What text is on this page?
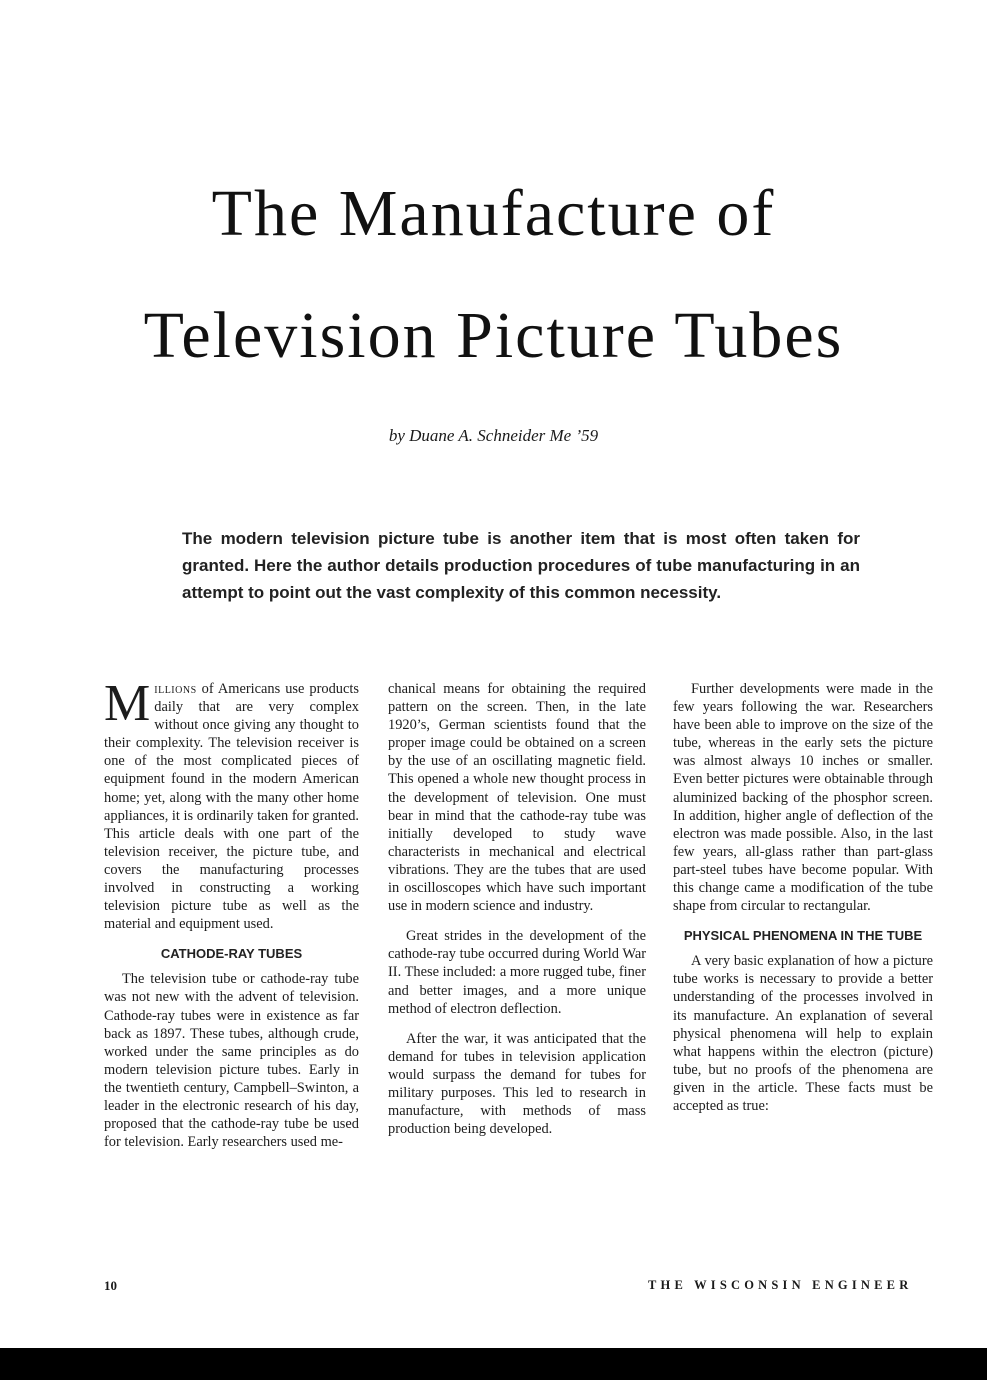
The Manufacture of
Television Picture Tubes
by Duane A. Schneider Me ’59
The modern television picture tube is another item that is most often taken for granted. Here the author details production procedures of tube manufacturing in an attempt to point out the vast complexity of this common necessity.

Millions of Americans use products daily that are very complex without once giving any thought to their complexity. The television receiver is one of the most complicated pieces of equipment found in the modern American home; yet, along with the many other home appliances, it is ordinarily taken for granted. This article deals with one part of the television receiver, the picture tube, and covers the manufacturing processes involved in constructing a working television picture tube as well as the material and equipment used.

CATHODE-RAY TUBES

The television tube or cathode-ray tube was not new with the advent of television. Cathode-ray tubes were in existence as far back as 1897. These tubes, although crude, worked under the same principles as do modern television picture tubes. Early in the twentieth century, Campbell–Swinton, a leader in the electronic research of his day, proposed that the cathode-ray tube be used for television. Early researchers used me-

chanical means for obtaining the required pattern on the screen. Then, in the late 1920’s, German scientists found that the proper image could be obtained on a screen by the use of an oscillating magnetic field. This opened a whole new thought process in the development of television. One must bear in mind that the cathode-ray tube was initially developed to study wave characterists in mechanical and electrical vibrations. They are the tubes that are used in oscilloscopes which have such important use in modern science and industry.

Great strides in the development of the cathode-ray tube occurred during World War II. These included: a more rugged tube, finer and better images, and a more unique method of electron deflection.

After the war, it was anticipated that the demand for tubes in television application would surpass the demand for tubes for military purposes. This led to research in manufacture, with methods of mass production being developed.

Further developments were made in the few years following the war. Researchers have been able to improve on the size of the tube, whereas in the early sets the picture was almost always 10 inches or smaller. Even better pictures were obtainable through aluminized backing of the phosphor screen. In addition, higher angle of deflection of the electron was made possible. Also, in the last few years, all-glass rather than part-glass part-steel tubes have become popular. With this change came a modification of the tube shape from circular to rectangular.

PHYSICAL PHENOMENA IN THE TUBE

A very basic explanation of how a picture tube works is necessary to provide a better understanding of the processes involved in its manufacture. An explanation of several physical phenomena will help to explain what happens within the electron (picture) tube, but no proofs of the phenomena are given in the article. These facts must be accepted as true:

10	THE WISCONSIN ENGINEER
